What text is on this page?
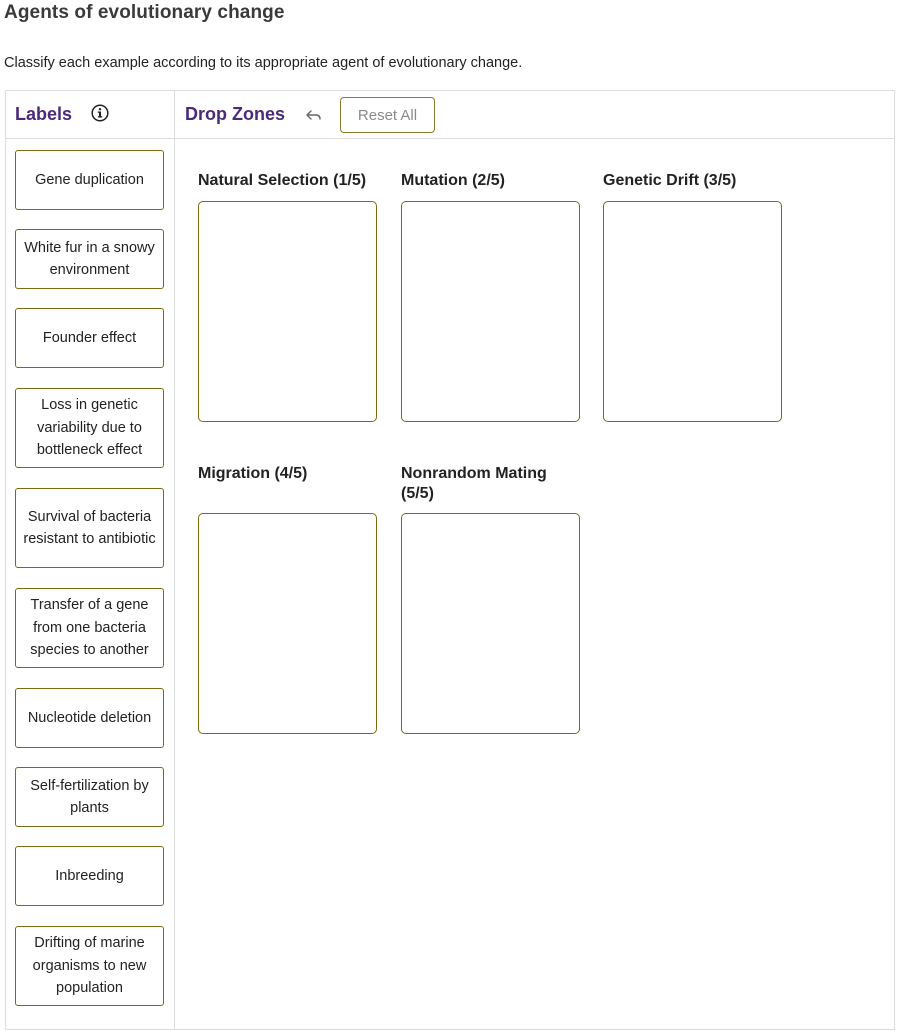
Agents of evolutionary change
Classify each example according to its appropriate agent of evolutionary change.
Labels	Drop Zones	Reset All
Gene duplication
White fur in a snowy environment
Founder effect
Loss in genetic variability due to bottleneck effect
Survival of bacteria resistant to antibiotic
Transfer of a gene from one bacteria species to another
Nucleotide deletion
Self-fertilization by plants
Inbreeding
Drifting of marine organisms to new population
Natural Selection (1/5) Mutation (2/5)	Genetic Drift (3/5)
Migration (4/5)	Nonrandom Mating (5/5)
